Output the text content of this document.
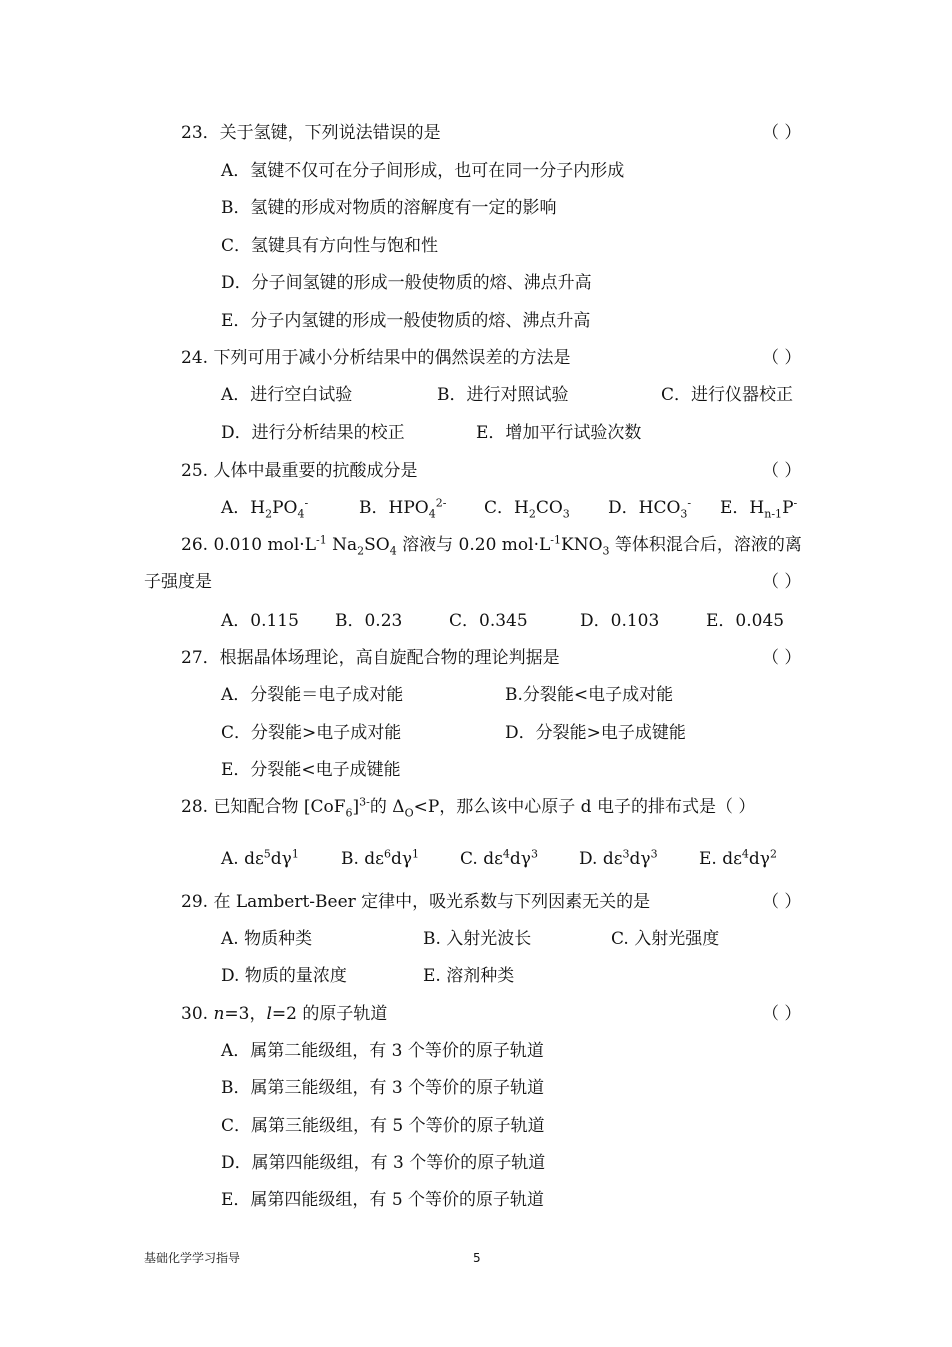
23．关于氢键，下列说法错误的是	（ ）
A．氢键不仅可在分子间形成，也可在同一分子内形成
B．氢键的形成对物质的溶解度有一定的影响
C．氢键具有方向性与饱和性
D．分子间氢键的形成一般使物质的熔、沸点升高
E．分子内氢键的形成一般使物质的熔、沸点升高
24. 下列可用于减小分析结果中的偶然误差的方法是	（ ）
A．进行空白试验	B．进行对照试验	C．进行仪器校正
D．进行分析结果的校正	E．增加平行试验次数
25. 人体中最重要的抗酸成分是	（ ）
A．$H_2PO_4^-$	B．$HPO_4^{2-}$ C．$H_2CO_3$ D．$HCO_3^-$ E．$H_{n-1}P^-$
26. 0.010 $mol\cdot L^{-1}$ $Na_2SO_4$ 溶液与 0.20 $mol\cdot L^{-1}KNO_3$ 等体积混合后，溶液的离
子强度是	（ ）
A．0.115 B．0.23	C．0.345	D．0.103	E．0.045
27．根据晶体场理论，高自旋配合物的理论判据是	（ ）
A．分裂能＝电子成对能	B.分裂能<电子成对能
C．分裂能>电子成对能	D．分裂能>电子成键能
E．分裂能<电子成键能
28. 已知配合物 $[CoF_6]^{3-}$的 $\Delta_O<P$，那么该中心原子 d 电子的排布式是（ ）
A. $d\varepsilon^5d\gamma^1$ B. $d\varepsilon^6d\gamma^1$ C. $d\varepsilon^4d\gamma^3$ D. $d\varepsilon^3d\gamma^3$ E. $d\varepsilon^4d\gamma^2$
29. 在 Lambert-Beer 定律中，吸光系数与下列因素无关的是	（ ）
A. 物质种类	B. 入射光波长	C. 入射光强度
D. 物质的量浓度	E. 溶剂种类
30. n=3，l=2 的原子轨道	（ ）
A．属第二能级组，有 3 个等价的原子轨道
B．属第三能级组，有 3 个等价的原子轨道
C．属第三能级组，有 5 个等价的原子轨道
D．属第四能级组，有 3 个等价的原子轨道
E．属第四能级组，有 5 个等价的原子轨道
基础化学学习指导	5
